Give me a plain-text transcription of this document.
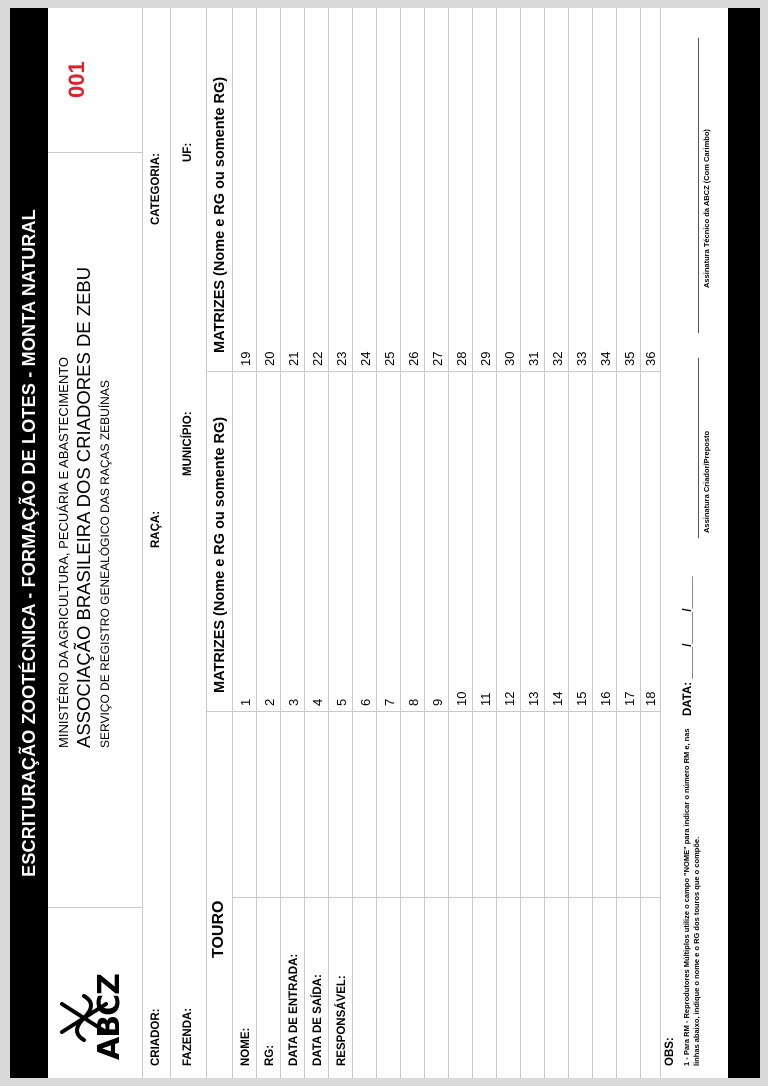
ESCRITURAÇÃO ZOOTÉCNICA - FORMAÇÃO DE LOTES - MONTA NATURAL
ABCZ
MINISTÉRIO DA AGRICULTURA, PECUÁRIA E ABASTECIMENTO ASSOCIAÇÃO BRASILEIRA DOS CRIADORES DE ZEBU SERVIÇO DE REGISTRO GENEALÓGICO DAS RAÇAS ZEBUÍNAS
001
CRIADOR:
RAÇA:
CATEGORIA:
FAZENDA:
MUNICÍPIO:
UF:
TOURO
MATRIZES (Nome e RG ou somente RG)
MATRIZES (Nome e RG ou somente RG)
NOME: RG: DATA DE ENTRADA: DATA DE SAÍDA: RESPONSÁVEL:
1 2 3 4 5 6 7 8 9 10 11 12 13 14 15 16 17 18
19 20 21 22 23 24 25 26 27 28 29 30 31 32 33 34 35 36
OBS: 1 - Para RM - Reprodutores Múltiplos utilize o campo "NOME" para indicar o número RM e, nas linhas abaixo, indique o nome e o RG dos touros que o compõe.
DATA: _____/_____/_____
Assinatura Criador/Preposto
Assinatura Técnico da ABCZ (Com Carimbo)
